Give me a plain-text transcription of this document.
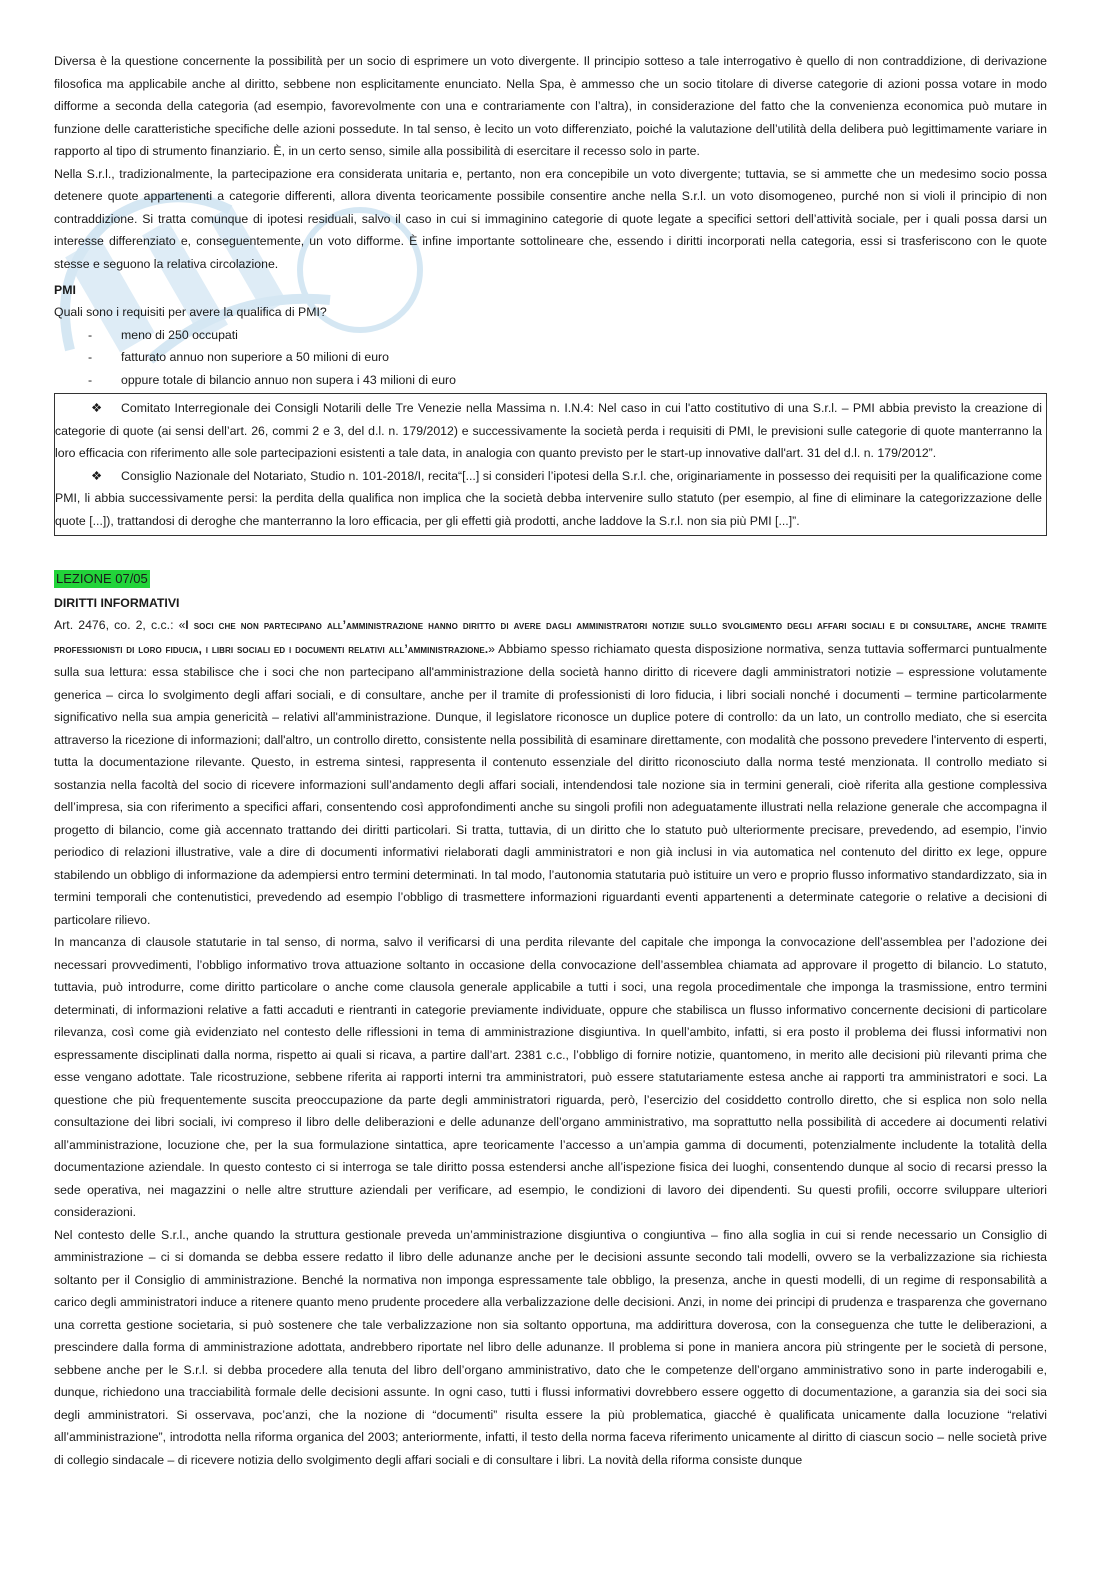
Diversa è la questione concernente la possibilità per un socio di esprimere un voto divergente. Il principio sotteso a tale interrogativo è quello di non contraddizione, di derivazione filosofica ma applicabile anche al diritto, sebbene non esplicitamente enunciato. Nella Spa, è ammesso che un socio titolare di diverse categorie di azioni possa votare in modo difforme a seconda della categoria (ad esempio, favorevolmente con una e contrariamente con l’altra), in considerazione del fatto che la convenienza economica può mutare in funzione delle caratteristiche specifiche delle azioni possedute. In tal senso, è lecito un voto differenziato, poiché la valutazione dell’utilità della delibera può legittimamente variare in rapporto al tipo di strumento finanziario. È, in un certo senso, simile alla possibilità di esercitare il recesso solo in parte.

Nella S.r.l., tradizionalmente, la partecipazione era considerata unitaria e, pertanto, non era concepibile un voto divergente; tuttavia, se si ammette che un medesimo socio possa detenere quote appartenenti a categorie differenti, allora diventa teoricamente possibile consentire anche nella S.r.l. un voto disomogeneo, purché non si violi il principio di non contraddizione. Si tratta comunque di ipotesi residuali, salvo il caso in cui si immaginino categorie di quote legate a specifici settori dell’attività sociale, per i quali possa darsi un interesse differenziato e, conseguentemente, un voto difforme. È infine importante sottolineare che, essendo i diritti incorporati nella categoria, essi si trasferiscono con le quote stesse e seguono la relativa circolazione.

PMI

Quali sono i requisiti per avere la qualifica di PMI?

- meno di 250 occupati
- fatturato annuo non superiore a 50 milioni di euro
- oppure totale di bilancio annuo non supera i 43 milioni di euro

❖ Comitato Interregionale dei Consigli Notarili delle Tre Venezie nella Massima n. I.N.4: Nel caso in cui l'atto costitutivo di una S.r.l. – PMI abbia previsto la creazione di categorie di quote (ai sensi dell’art. 26, commi 2 e 3, del d.l. n. 179/2012) e successivamente la società perda i requisiti di PMI, le previsioni sulle categorie di quote manterranno la loro efficacia con riferimento alle sole partecipazioni esistenti a tale data, in analogia con quanto previsto per le start-up innovative dall'art. 31 del d.l. n. 179/2012”.

❖ Consiglio Nazionale del Notariato, Studio n. 101-2018/I, recita“[...] si consideri l’ipotesi della S.r.l. che, originariamente in possesso dei requisiti per la qualificazione come PMI, li abbia successivamente persi: la perdita della qualifica non implica che la società debba intervenire sullo statuto (per esempio, al fine di eliminare la categorizzazione delle quote [...]), trattandosi di deroghe che manterranno la loro efficacia, per gli effetti già prodotti, anche laddove la S.r.l. non sia più PMI [...]”.

LEZIONE 07/05
DIRITTI INFORMATIVI

Art. 2476, co. 2, c.c.: «I soci che non partecipano all’amministrazione hanno diritto di avere dagli amministratori notizie sullo svolgimento degli affari sociali e di consultare, anche tramite professionisti di loro fiducia, i libri sociali ed i documenti relativi all’amministrazione.» Abbiamo spesso richiamato questa disposizione normativa, senza tuttavia soffermarci puntualmente sulla sua lettura: essa stabilisce che i soci che non partecipano all'amministrazione della società hanno diritto di ricevere dagli amministratori notizie – espressione volutamente generica – circa lo svolgimento degli affari sociali, e di consultare, anche per il tramite di professionisti di loro fiducia, i libri sociali nonché i documenti – termine particolarmente significativo nella sua ampia genericità – relativi all'amministrazione. Dunque, il legislatore riconosce un duplice potere di controllo: da un lato, un controllo mediato, che si esercita attraverso la ricezione di informazioni; dall'altro, un controllo diretto, consistente nella possibilità di esaminare direttamente, con modalità che possono prevedere l'intervento di esperti, tutta la documentazione rilevante. Questo, in estrema sintesi, rappresenta il contenuto essenziale del diritto riconosciuto dalla norma testé menzionata. Il controllo mediato si sostanzia nella facoltà del socio di ricevere informazioni sull’andamento degli affari sociali, intendendosi tale nozione sia in termini generali, cioè riferita alla gestione complessiva dell’impresa, sia con riferimento a specifici affari, consentendo così approfondimenti anche su singoli profili non adeguatamente illustrati nella relazione generale che accompagna il progetto di bilancio, come già accennato trattando dei diritti particolari. Si tratta, tuttavia, di un diritto che lo statuto può ulteriormente precisare, prevedendo, ad esempio, l’invio periodico di relazioni illustrative, vale a dire di documenti informativi rielaborati dagli amministratori e non già inclusi in via automatica nel contenuto del diritto ex lege, oppure stabilendo un obbligo di informazione da adempiersi entro termini determinati. In tal modo, l’autonomia statutaria può istituire un vero e proprio flusso informativo standardizzato, sia in termini temporali che contenutistici, prevedendo ad esempio l’obbligo di trasmettere informazioni riguardanti eventi appartenenti a determinate categorie o relative a decisioni di particolare rilievo.

In mancanza di clausole statutarie in tal senso, di norma, salvo il verificarsi di una perdita rilevante del capitale che imponga la convocazione dell’assemblea per l’adozione dei necessari provvedimenti, l’obbligo informativo trova attuazione soltanto in occasione della convocazione dell’assemblea chiamata ad approvare il progetto di bilancio. Lo statuto, tuttavia, può introdurre, come diritto particolare o anche come clausola generale applicabile a tutti i soci, una regola procedimentale che imponga la trasmissione, entro termini determinati, di informazioni relative a fatti accaduti e rientranti in categorie previamente individuate, oppure che stabilisca un flusso informativo concernente decisioni di particolare rilevanza, così come già evidenziato nel contesto delle riflessioni in tema di amministrazione disgiuntiva. In quell’ambito, infatti, si era posto il problema dei flussi informativi non espressamente disciplinati dalla norma, rispetto ai quali si ricava, a partire dall’art. 2381 c.c., l’obbligo di fornire notizie, quantomeno, in merito alle decisioni più rilevanti prima che esse vengano adottate. Tale ricostruzione, sebbene riferita ai rapporti interni tra amministratori, può essere statutariamente estesa anche ai rapporti tra amministratori e soci. La questione che più frequentemente suscita preoccupazione da parte degli amministratori riguarda, però, l’esercizio del cosiddetto controllo diretto, che si esplica non solo nella consultazione dei libri sociali, ivi compreso il libro delle deliberazioni e delle adunanze dell’organo amministrativo, ma soprattutto nella possibilità di accedere ai documenti relativi all’amministrazione, locuzione che, per la sua formulazione sintattica, apre teoricamente l’accesso a un’ampia gamma di documenti, potenzialmente includente la totalità della documentazione aziendale. In questo contesto ci si interroga se tale diritto possa estendersi anche all’ispezione fisica dei luoghi, consentendo dunque al socio di recarsi presso la sede operativa, nei magazzini o nelle altre strutture aziendali per verificare, ad esempio, le condizioni di lavoro dei dipendenti. Su questi profili, occorre sviluppare ulteriori considerazioni.

Nel contesto delle S.r.l., anche quando la struttura gestionale preveda un’amministrazione disgiuntiva o congiuntiva – fino alla soglia in cui si rende necessario un Consiglio di amministrazione – ci si domanda se debba essere redatto il libro delle adunanze anche per le decisioni assunte secondo tali modelli, ovvero se la verbalizzazione sia richiesta soltanto per il Consiglio di amministrazione. Benché la normativa non imponga espressamente tale obbligo, la presenza, anche in questi modelli, di un regime di responsabilità a carico degli amministratori induce a ritenere quanto meno prudente procedere alla verbalizzazione delle decisioni. Anzi, in nome dei principi di prudenza e trasparenza che governano una corretta gestione societaria, si può sostenere che tale verbalizzazione non sia soltanto opportuna, ma addirittura doverosa, con la conseguenza che tutte le deliberazioni, a prescindere dalla forma di amministrazione adottata, andrebbero riportate nel libro delle adunanze. Il problema si pone in maniera ancora più stringente per le società di persone, sebbene anche per le S.r.l. si debba procedere alla tenuta del libro dell’organo amministrativo, dato che le competenze dell’organo amministrativo sono in parte inderogabili e, dunque, richiedono una tracciabilità formale delle decisioni assunte. In ogni caso, tutti i flussi informativi dovrebbero essere oggetto di documentazione, a garanzia sia dei soci sia degli amministratori. Si osservava, poc’anzi, che la nozione di “documenti” risulta essere la più problematica, giacché è qualificata unicamente dalla locuzione “relativi all’amministrazione”, introdotta nella riforma organica del 2003; anteriormente, infatti, il testo della norma faceva riferimento unicamente al diritto di ciascun socio – nelle società prive di collegio sindacale – di ricevere notizia dello svolgimento degli affari sociali e di consultare i libri. La novità della riforma consiste dunque
